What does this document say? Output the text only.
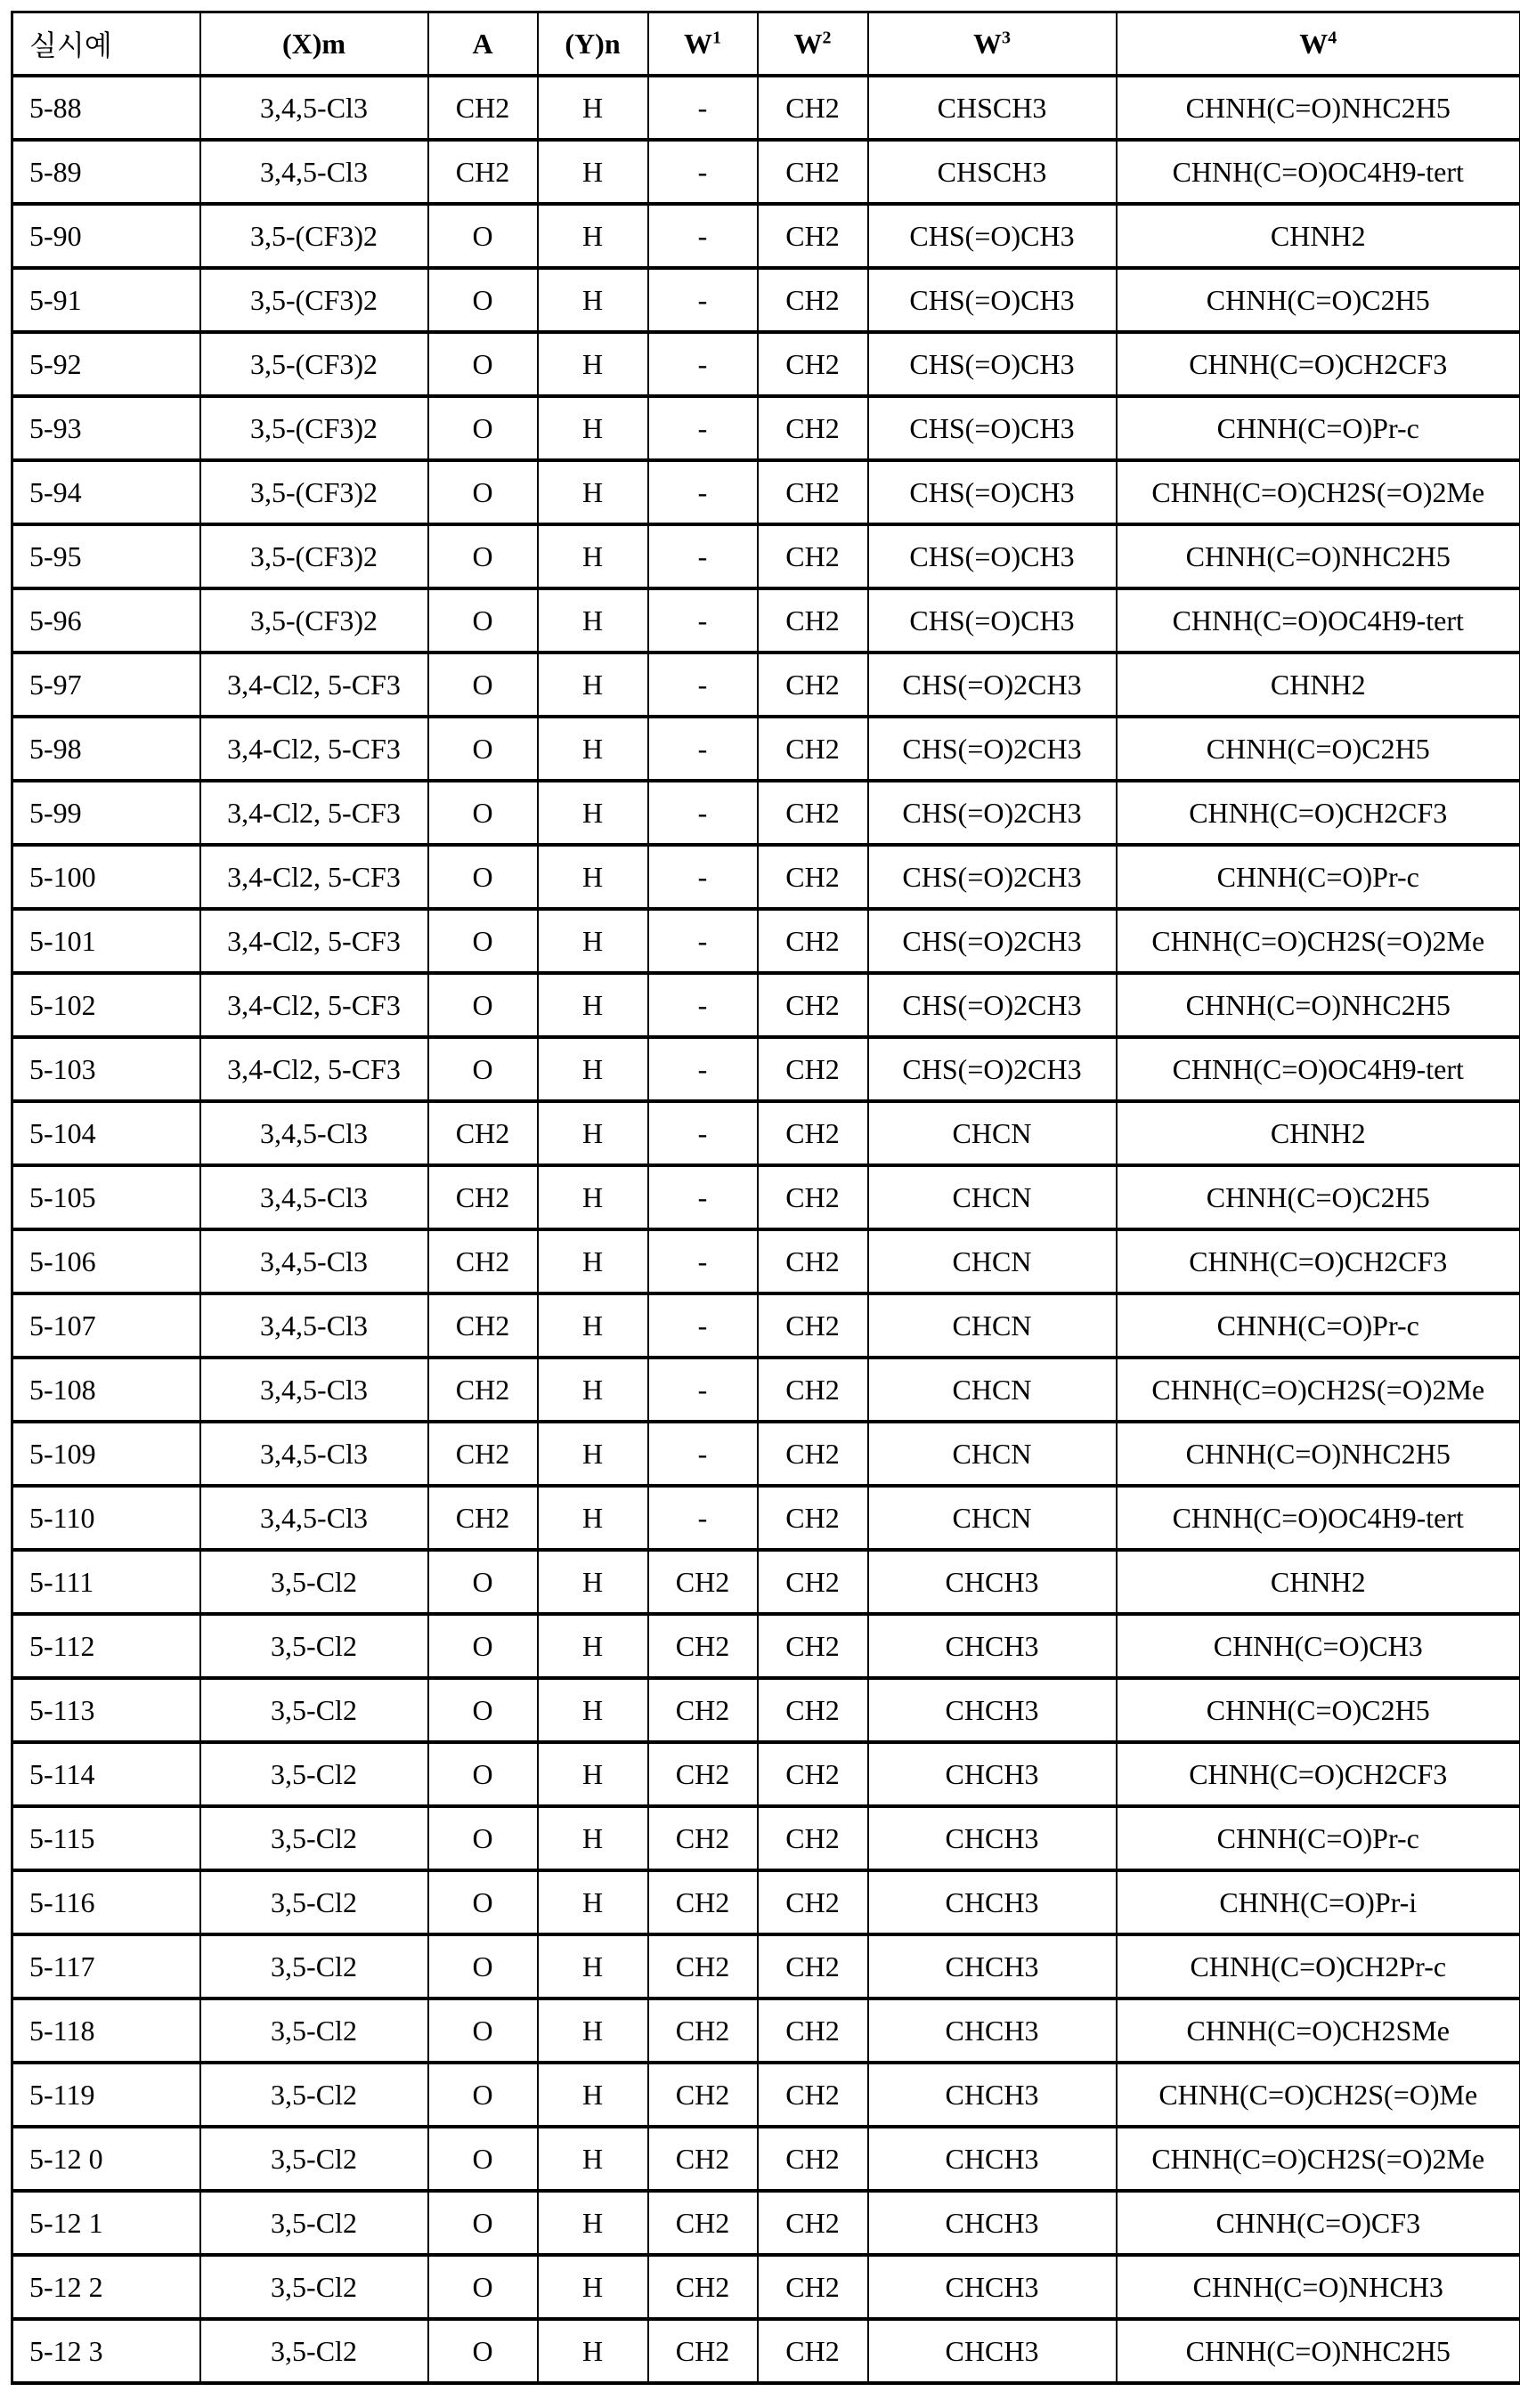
실시예	(X)m	A	(Y)n	$W^1$	$W^2$	$W^3$	$W^4$
5-88	3,4,5-Cl3	CH2	H	-	CH2	CHSCH3	CHNH(C=O)NHC2H5
5-89	3,4,5-Cl3	CH2	H	-	CH2	CHSCH3	CHNH(C=O)OC4H9-tert
5-90	3,5-(CF3)2	O	H	-	CH2	CHS(=O)CH3	CHNH2
5-91	3,5-(CF3)2	O	H	-	CH2	CHS(=O)CH3	CHNH(C=O)C2H5
5-92	3,5-(CF3)2	O	H	-	CH2	CHS(=O)CH3	CHNH(C=O)CH2CF3
5-93	3,5-(CF3)2	O	H	-	CH2	CHS(=O)CH3	CHNH(C=O)Pr-c
5-94	3,5-(CF3)2	O	H	-	CH2	CHS(=O)CH3	CHNH(C=O)CH2S(=O)2Me
5-95	3,5-(CF3)2	O	H	-	CH2	CHS(=O)CH3	CHNH(C=O)NHC2H5
5-96	3,5-(CF3)2	O	H	-	CH2	CHS(=O)CH3	CHNH(C=O)OC4H9-tert
5-97	3,4-Cl2, 5-CF3	O	H	-	CH2	CHS(=O)2CH3	CHNH2
5-98	3,4-Cl2, 5-CF3	O	H	-	CH2	CHS(=O)2CH3	CHNH(C=O)C2H5
5-99	3,4-Cl2, 5-CF3	O	H	-	CH2	CHS(=O)2CH3	CHNH(C=O)CH2CF3
5-100	3,4-Cl2, 5-CF3	O	H	-	CH2	CHS(=O)2CH3	CHNH(C=O)Pr-c
5-101	3,4-Cl2, 5-CF3	O	H	-	CH2	CHS(=O)2CH3	CHNH(C=O)CH2S(=O)2Me
5-102	3,4-Cl2, 5-CF3	O	H	-	CH2	CHS(=O)2CH3	CHNH(C=O)NHC2H5
5-103	3,4-Cl2, 5-CF3	O	H	-	CH2	CHS(=O)2CH3	CHNH(C=O)OC4H9-tert
5-104	3,4,5-Cl3	CH2	H	-	CH2	CHCN	CHNH2
5-105	3,4,5-Cl3	CH2	H	-	CH2	CHCN	CHNH(C=O)C2H5
5-106	3,4,5-Cl3	CH2	H	-	CH2	CHCN	CHNH(C=O)CH2CF3
5-107	3,4,5-Cl3	CH2	H	-	CH2	CHCN	CHNH(C=O)Pr-c
5-108	3,4,5-Cl3	CH2	H	-	CH2	CHCN	CHNH(C=O)CH2S(=O)2Me
5-109	3,4,5-Cl3	CH2	H	-	CH2	CHCN	CHNH(C=O)NHC2H5
5-110	3,4,5-Cl3	CH2	H	-	CH2	CHCN	CHNH(C=O)OC4H9-tert
5-111	3,5-Cl2	O	H	CH2	CH2	CHCH3	CHNH2
5-112	3,5-Cl2	O	H	CH2	CH2	CHCH3	CHNH(C=O)CH3
5-113	3,5-Cl2	O	H	CH2	CH2	CHCH3	CHNH(C=O)C2H5
5-114	3,5-Cl2	O	H	CH2	CH2	CHCH3	CHNH(C=O)CH2CF3
5-115	3,5-Cl2	O	H	CH2	CH2	CHCH3	CHNH(C=O)Pr-c
5-116	3,5-Cl2	O	H	CH2	CH2	CHCH3	CHNH(C=O)Pr-i
5-117	3,5-Cl2	O	H	CH2	CH2	CHCH3	CHNH(C=O)CH2Pr-c
5-118	3,5-Cl2	O	H	CH2	CH2	CHCH3	CHNH(C=O)CH2SMe
5-119	3,5-Cl2	O	H	CH2	CH2	CHCH3	CHNH(C=O)CH2S(=O)Me
5-12 0	3,5-Cl2	O	H	CH2	CH2	CHCH3	CHNH(C=O)CH2S(=O)2Me
5-12 1	3,5-Cl2	O	H	CH2	CH2	CHCH3	CHNH(C=O)CF3
5-12 2	3,5-Cl2	O	H	CH2	CH2	CHCH3	CHNH(C=O)NHCH3
5-12 3	3,5-Cl2	O	H	CH2	CH2	CHCH3	CHNH(C=O)NHC2H5
